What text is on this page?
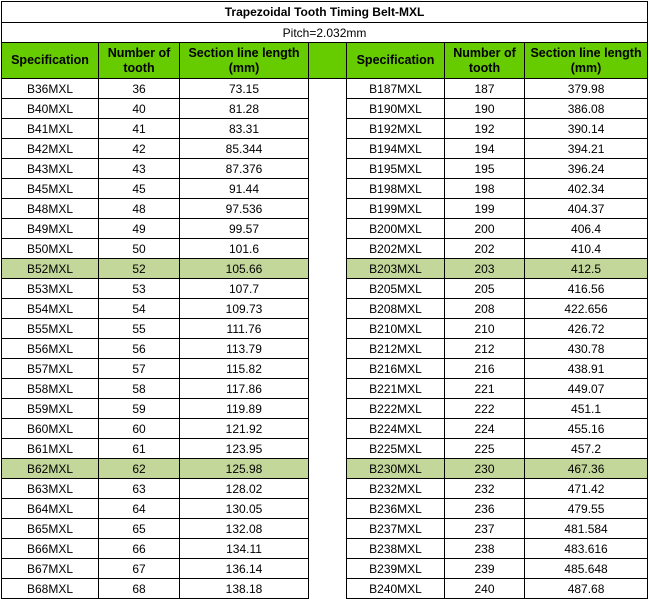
Trapezoidal Tooth Timing Belt-MXL						
Pitch=2.032mm						
Specification	Number of tooth	Section line length (mm)		Specification	Number of tooth	Section line length (mm)
B36MXL	36	73.15		B187MXL	187	379.98
B40MXL	40	81.28		B190MXL	190	386.08
B41MXL	41	83.31		B192MXL	192	390.14
B42MXL	42	85.344		B194MXL	194	394.21
B43MXL	43	87.376		B195MXL	195	396.24
B45MXL	45	91.44		B198MXL	198	402.34
B48MXL	48	97.536		B199MXL	199	404.37
B49MXL	49	99.57		B200MXL	200	406.4
B50MXL	50	101.6		B202MXL	202	410.4
B52MXL	52	105.66		B203MXL	203	412.5
B53MXL	53	107.7		B205MXL	205	416.56
B54MXL	54	109.73		B208MXL	208	422.656
B55MXL	55	111.76		B210MXL	210	426.72
B56MXL	56	113.79		B212MXL	212	430.78
B57MXL	57	115.82		B216MXL	216	438.91
B58MXL	58	117.86		B221MXL	221	449.07
B59MXL	59	119.89		B222MXL	222	451.1
B60MXL	60	121.92		B224MXL	224	455.16
B61MXL	61	123.95		B225MXL	225	457.2
B62MXL	62	125.98		B230MXL	230	467.36
B63MXL	63	128.02		B232MXL	232	471.42
B64MXL	64	130.05		B236MXL	236	479.55
B65MXL	65	132.08		B237MXL	237	481.584
B66MXL	66	134.11		B238MXL	238	483.616
B67MXL	67	136.14		B239MXL	239	485.648
B68MXL	68	138.18		B240MXL	240	487.68
